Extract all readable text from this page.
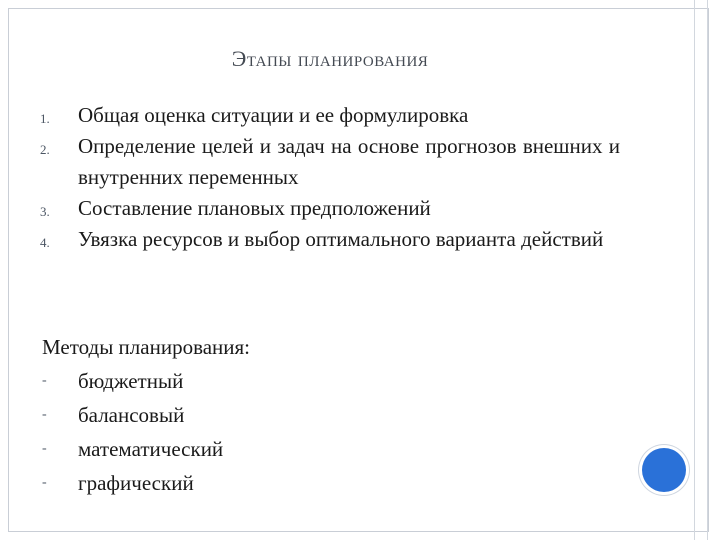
Этапы планирования
1. Общая оценка ситуации и ее формулировка
2. Определение целей и задач на основе прогнозов внешних и внутренних переменных
3. Составление плановых предположений
4. Увязка ресурсов и выбор оптимального варианта действий
Методы планирования:
- бюджетный
- балансовый
- математический
- графический
